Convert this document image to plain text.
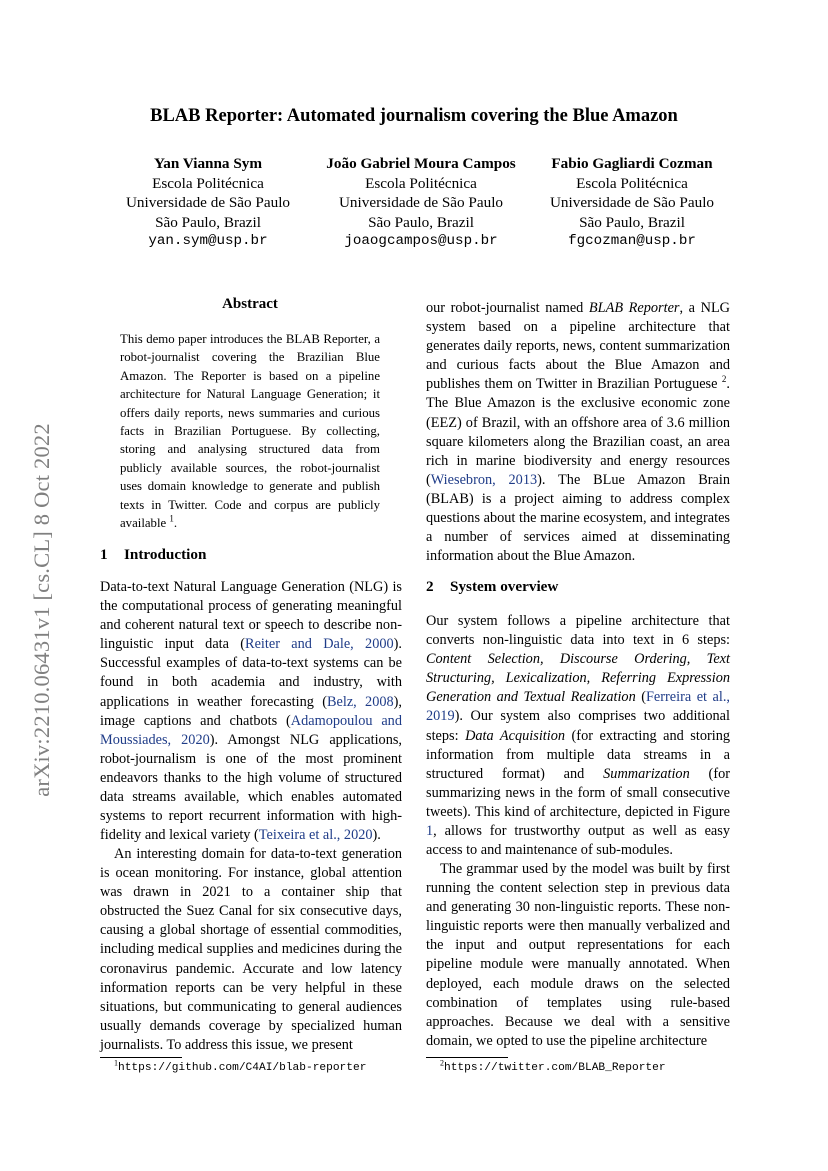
arXiv:2210.06431v1 [cs.CL] 8 Oct 2022
BLAB Reporter: Automated journalism covering the Blue Amazon
Yan Vianna Sym
Escola Politécnica
Universidade de São Paulo
São Paulo, Brazil
yan.sym@usp.br
João Gabriel Moura Campos
Escola Politécnica
Universidade de São Paulo
São Paulo, Brazil
joaogcampos@usp.br
Fabio Gagliardi Cozman
Escola Politécnica
Universidade de São Paulo
São Paulo, Brazil
fgcozman@usp.br
Abstract
This demo paper introduces the BLAB Reporter, a robot-journalist covering the Brazilian Blue Amazon. The Reporter is based on a pipeline architecture for Natural Language Generation; it offers daily reports, news summaries and curious facts in Brazilian Portuguese. By collecting, storing and analysing structured data from publicly available sources, the robot-journalist uses domain knowledge to generate and publish texts in Twitter. Code and corpus are publicly available $^1$.
1 Introduction
Data-to-text Natural Language Generation (NLG) is the computational process of generating meaningful and coherent natural text or speech to describe non-linguistic input data (Reiter and Dale, 2000). Successful examples of data-to-text systems can be found in both academia and industry, with applications in weather forecasting (Belz, 2008), image captions and chatbots (Adamopoulou and Moussiades, 2020). Amongst NLG applications, robot-journalism is one of the most prominent endeavors thanks to the high volume of structured data streams available, which enables automated systems to report recurrent information with high-fidelity and lexical variety (Teixeira et al., 2020).
An interesting domain for data-to-text generation is ocean monitoring. For instance, global attention was drawn in 2021 to a container ship that obstructed the Suez Canal for six consecutive days, causing a global shortage of essential commodities, including medical supplies and medicines during the coronavirus pandemic. Accurate and low latency information reports can be very helpful in these situations, but communicating to general audiences usually demands coverage by specialized human journalists. To address this issue, we present
our robot-journalist named BLAB Reporter, a NLG system based on a pipeline architecture that generates daily reports, news, content summarization and curious facts about the Blue Amazon and publishes them on Twitter in Brazilian Portuguese $^2$. The Blue Amazon is the exclusive economic zone (EEZ) of Brazil, with an offshore area of 3.6 million square kilometers along the Brazilian coast, an area rich in marine biodiversity and energy resources (Wiesebron, 2013). The BLue Amazon Brain (BLAB) is a project aiming to address complex questions about the marine ecosystem, and integrates a number of services aimed at disseminating information about the Blue Amazon.
2 System overview
Our system follows a pipeline architecture that converts non-linguistic data into text in 6 steps: Content Selection, Discourse Ordering, Text Structuring, Lexicalization, Referring Expression Generation and Textual Realization (Ferreira et al., 2019). Our system also comprises two additional steps: Data Acquisition (for extracting and storing information from multiple data streams in a structured format) and Summarization (for summarizing news in the form of small consecutive tweets). This kind of architecture, depicted in Figure 1, allows for trustworthy output as well as easy access to and maintenance of sub-modules.
The grammar used by the model was built by first running the content selection step in previous data and generating 30 non-linguistic reports. These non-linguistic reports were then manually verbalized and the input and output representations for each pipeline module were manually annotated. When deployed, each module draws on the selected combination of templates using rule-based approaches. Because we deal with a sensitive domain, we opted to use the pipeline architecture
$^1$https://github.com/C4AI/blab-reporter	$^2$https://twitter.com/BLAB_Reporter
